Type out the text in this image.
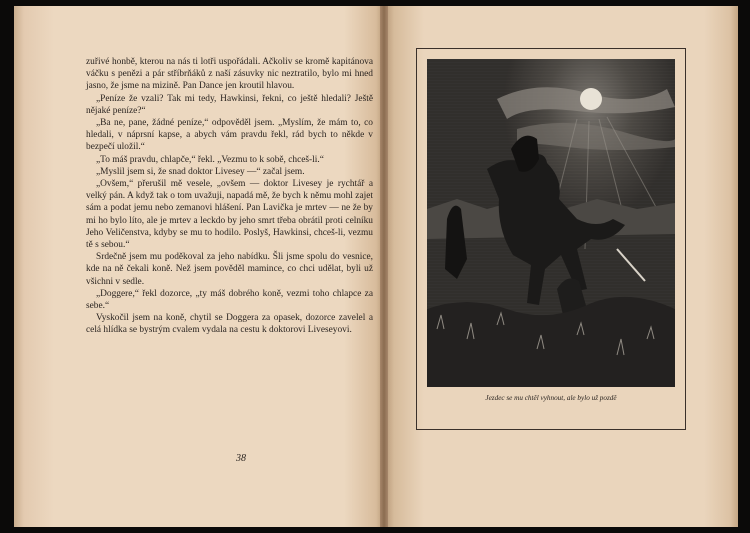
zuřivé honbě, kterou na nás ti lotři uspořádali. Ačkoliv se kromě kapitánova váčku s penězi a pár stříbrňáků z naší zásuvky nic neztratilo, bylo mi hned jasno, že jsme na mizině. Pan Dance jen kroutil hlavou.

„Peníze že vzali? Tak mi tedy, Hawkinsi, řekni, co ještě hledali? Ještě nějaké peníze?“

„Ba ne, pane, žádné peníze,“ odpověděl jsem. „Myslím, že mám to, co hledali, v náprsní kapse, a abych vám pravdu řekl, rád bych to někde v bezpečí uložil.“

„To máš pravdu, chlapče,“ řekl. „Vezmu to k sobě, chceš-li.“

„Myslil jsem si, že snad doktor Livesey —“ začal jsem.

„Ovšem,“ přerušil mě vesele, „ovšem — doktor Livesey je rychtář a velký pán. A když tak o tom uvažuji, napadá mě, že bych k němu mohl zajet sám a podat jemu nebo zemanovi hlášení. Pan Lavička je mrtev — ne že by mi ho bylo líto, ale je mrtev a leckdo by jeho smrt třeba obrátil proti celníku Jeho Veličenstva, kdyby se mu to hodilo. Poslyš, Hawkinsi, chceš-li, vezmu tě s sebou.“

Srdečně jsem mu poděkoval za jeho nabídku. Šli jsme spolu do vesnice, kde na ně čekali koně. Než jsem pověděl mamince, co chci udělat, byli už všichni v sedle.

„Doggere,“ řekl dozorce, „ty máš dobrého koně, vezmi toho chlapce za sebe.“

Vyskočil jsem na koně, chytil se Doggera za opasek, dozorce zavelel a celá hlídka se bystrým cvalem vydala na cestu k doktorovi Liveseyovi.

38
Jezdec se mu chtěl vyhnout, ale bylo už pozdě
